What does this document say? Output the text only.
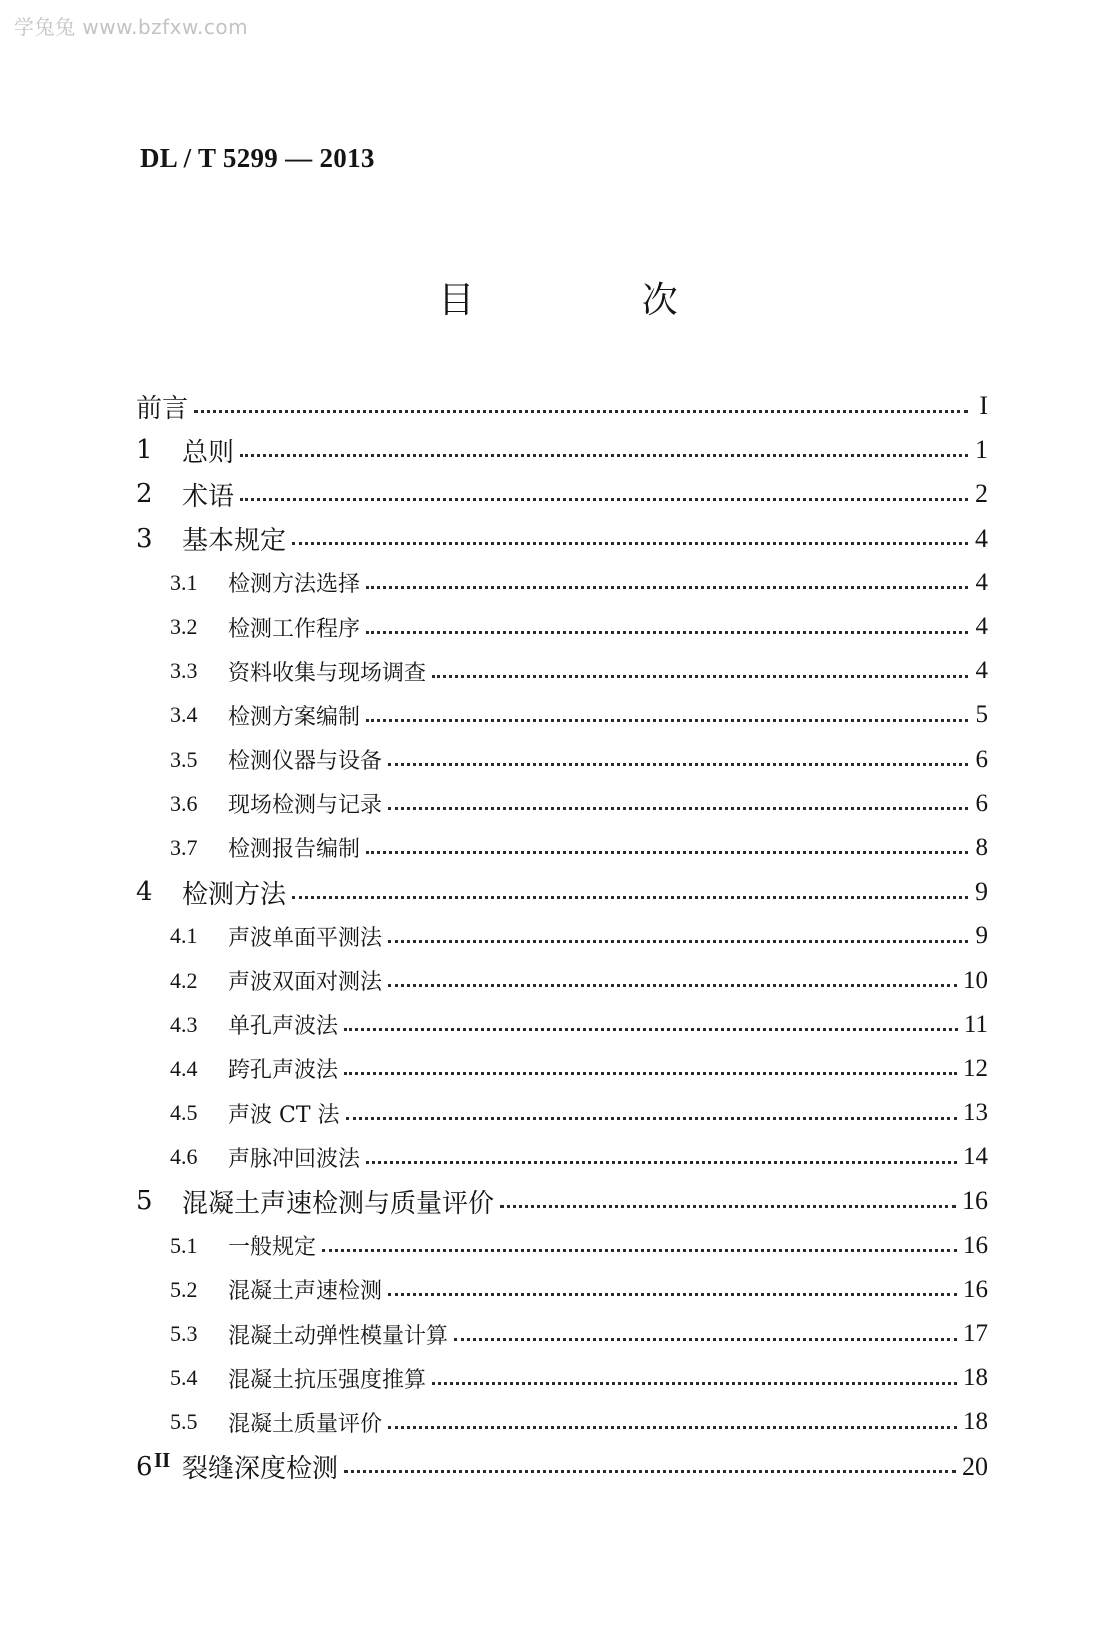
学兔兔 www.bzfxw.com
DL / T 5299 — 2013
目 次
前言	I
1	总则	1
2	术语	2
3	基本规定	4
3.1	检测方法选择	4
3.2	检测工作程序	4
3.3	资料收集与现场调查	4
3.4	检测方案编制	5
3.5	检测仪器与设备	6
3.6	现场检测与记录	6
3.7	检测报告编制	8
4	检测方法	9
4.1	声波单面平测法	9
4.2	声波双面对测法	10
4.3	单孔声波法	11
4.4	跨孔声波法	12
4.5	声波 CT 法	13
4.6	声脉冲回波法	14
5	混凝土声速检测与质量评价	16
5.1	一般规定	16
5.2	混凝土声速检测	16
5.3	混凝土动弹性模量计算	17
5.4	混凝土抗压强度推算	18
5.5	混凝土质量评价	18
6	裂缝深度检测	20
II
